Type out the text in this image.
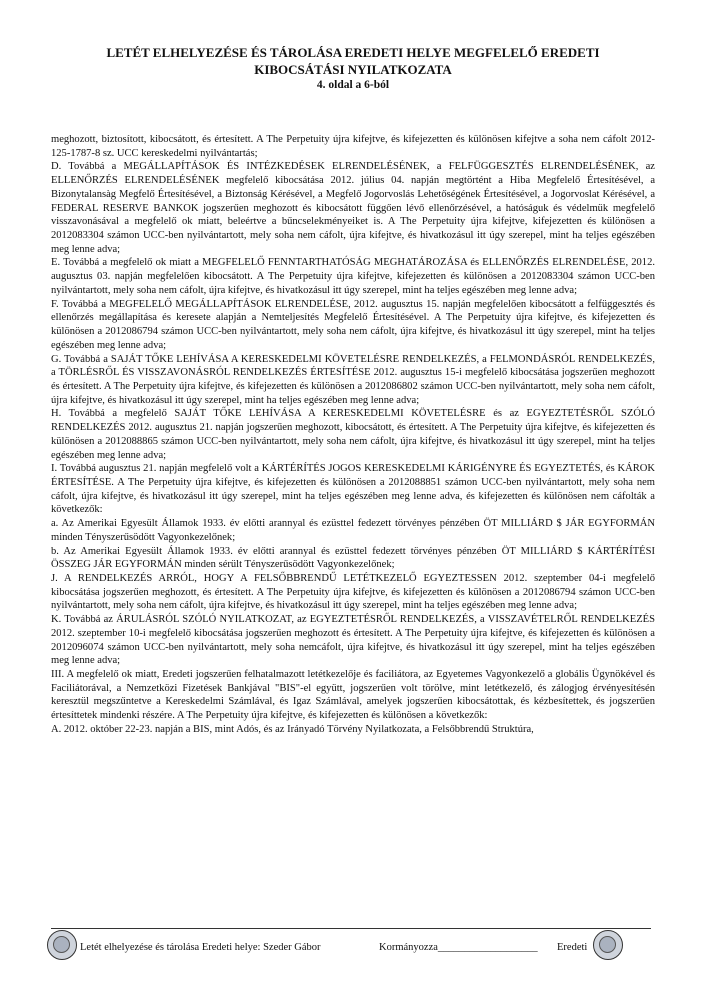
LETÉT ELHELYEZÉSE ÉS TÁROLÁSA EREDETI HELYE MEGFELELŐ EREDETI
KIBOCSÁTÁSI NYILATKOZATA
4. oldal a 6-ból

meghozott, biztosított, kibocsátott, és értesített. A The Perpetuity újra kifejtve, és kifejezetten és különösen kifejtve a soha nem cáfolt 2012-125-1787-8 sz. UCC kereskedelmi nyilvántartás;

D. Továbbá a MEGÁLLAPÍTÁSOK ÉS INTÉZKEDÉSEK ELRENDELÉSÉNEK, a FELFÜGGESZTÉS ELRENDELÉSÉNEK, az ELLENŐRZÉS ELRENDELÉSÉNEK megfelelő kibocsátása 2012. július 04. napján megtörtént a Hiba Megfelelő Értesítésével, a Bizonytalansàg Megfelő Értesítésével, a Biztonság Kérésével, a Megfelő Jogorvoslás Lehetőségének Értesítésével, a Jogorvoslat Kérésével, a FEDERAL RESERVE BANKOK jogszerűen meghozott és kibocsátott függően lévő ellenőrzésével, a hatóságuk és védelmük megfelelő visszavonásával a megfelelő ok miatt, beleértve a bűncselekményeiket is. A The Perpetuity újra kifejtve, kifejezetten és különösen a 2012083304 számon UCC-ben nyilvántartott, mely soha nem cáfolt, újra kifejtve, és hivatkozásul itt úgy szerepel, mint ha teljes egészében meg lenne adva;

E. Továbbá a megfelelő ok miatt a MEGFELELŐ FENNTARTHATÓSÁG MEGHATÁROZÁSA és ELLENŐRZÉS ELRENDELÉSE, 2012. augusztus 03. napján megfelelően kibocsátott. A The Perpetuity újra kifejtve, kifejezetten és különösen a 2012083304 számon UCC-ben nyilvántartott, mely soha nem cáfolt, újra kifejtve, és hivatkozásul itt úgy szerepel, mint ha teljes egészében meg lenne adva;

F. Továbbá a MEGFELELŐ MEGÁLLAPÍTÁSOK ELRENDELÉSE, 2012. augusztus 15. napján megfelelően kibocsátott a felfüggesztés és ellenőrzés megállapítása és keresete alapján a Nemteljesítés Megfelelő Értesítésével. A The Perpetuity újra kifejtve, és kifejezetten és különösen a 2012086794 számon UCC-ben nyilvántartott, mely soha nem cáfolt, újra kifejtve, és hivatkozásul itt úgy szerepel, mint ha teljes egészében meg lenne adva;

G. Továbbá a SAJÁT TŐKE LEHÍVÁSA A KERESKEDELMI KÖVETELÉSRE RENDELKEZÉS, a FELMONDÁSRÓL RENDELKEZÉS, a TÖRLÉSRŐL ÉS VISSZAVONÁSRÓL RENDELKEZÉS ÉRTESÍTÉSE 2012. augusztus 15-i megfelelő kibocsátása jogszerűen meghozott és értesített. A The Perpetuity újra kifejtve, és kifejezetten és különösen a 2012086802 számon UCC-ben nyilvántartott, mely soha nem cáfolt, újra kifejtve, és hivatkozásul itt úgy szerepel, mint ha teljes egészében meg lenne adva;

H. Továbbá a megfelelő SAJÁT TŐKE LEHÍVÁSA A KERESKEDELMI KÖVETELÉSRE és az EGYEZTETÉSRŐL SZÓLÓ RENDELKEZÉS 2012. augusztus 21. napján jogszerűen meghozott, kibocsátott, és értesített. A The Perpetuity újra kifejtve, és kifejezetten és különösen a 2012088865 számon UCC-ben nyilvántartott, mely soha nem cáfolt, újra kifejtve, és hivatkozásul itt úgy szerepel, mint ha teljes egészében meg lenne adva;

I. Továbbá augusztus 21. napján megfelelő volt a KÁRTÉRÍTÉS JOGOS KERESKEDELMI KÁRIGÉNYRE ÉS EGYEZTETÉS, és KÁROK ÉRTESÍTÉSE. A The Perpetuity újra kifejtve, és kifejezetten és különösen a 2012088851 számon UCC-ben nyilvántartott, mely soha nem cáfolt, újra kifejtve, és hivatkozásul itt úgy szerepel, mint ha teljes egészében meg lenne adva, és kifejezetten és különösen nem cáfolták a következők:

a. Az Amerikai Egyesült Államok 1933. év előtti arannyal és ezüsttel fedezett törvényes pénzében ÖT MILLIÁRD $ JÁR EGYFORMÁN minden Tényszerűsödött Vagyonkezelőnek;

b. Az Amerikai Egyesült Államok 1933. év előtti arannyal és ezüsttel fedezett törvényes pénzében ÖT MILLIÁRD $ KÁRTÉRÍTÉSI ÖSSZEG JÁR EGYFORMÁN minden sérült Tényszerűsödött Vagyonkezelőnek;

J. A RENDELKEZÉS ARRÓL, HOGY A FELSŐBBRENDŰ LETÉTKEZELŐ EGYEZTESSEN 2012. szeptember 04-i megfelelő kibocsátása jogszerűen meghozott, és értesített. A The Perpetuity újra kifejtve, és kifejezetten és különösen a 2012086794 számon UCC-ben nyilvántartott, mely soha nem cáfolt, újra kifejtve, és hivatkozásul itt úgy szerepel, mint ha teljes egészében meg lenne adva;

K. Továbbá az ÁRULÁSRÓL SZÓLÓ NYILATKOZAT, az EGYEZTETÉSRŐL RENDELKEZÉS, a VISSZAVÉTELRŐL RENDELKEZÉS 2012. szeptember 10-i megfelelő kibocsátása jogszerűen meghozott és értesített. A The Perpetuity újra kifejtve, és kifejezetten és különösen a 2012096074 számon UCC-ben nyilvántartott, mely soha nemcáfolt, újra kifejtve, és hivatkozásul itt úgy szerepel, mint ha teljes egészében meg lenne adva;

III. A megfelelő ok miatt, Eredeti jogszerűen felhatalmazott letétkezelője és faciliátora, az Egyetemes Vagyonkezelő a globális Ügynökével és Faciliátorával, a Nemzetközi Fizetések Bankjával "BIS"-el együtt, jogszerűen volt törölve, mint letétkezelő, és zálogjog érvényesítésén keresztül megszűntetve a Kereskedelmi Számlával, és Igaz Számlával, amelyek jogszerűen kibocsátottak, és kézbesítettek, és jogszerűen értesíttetek mindenki részére. A The Perpetuity újra kifejtve, és kifejezetten és különösen a következők:

A. 2012. október 22-23. napján a BIS, mint Adós, és az Irányadó Törvény Nyilatkozata, a Felsőbbrendű Struktúra,

Letét elhelyezése és tárolása Eredeti helye: Szeder Gábor	Kormányozza___________________ Eredeti
